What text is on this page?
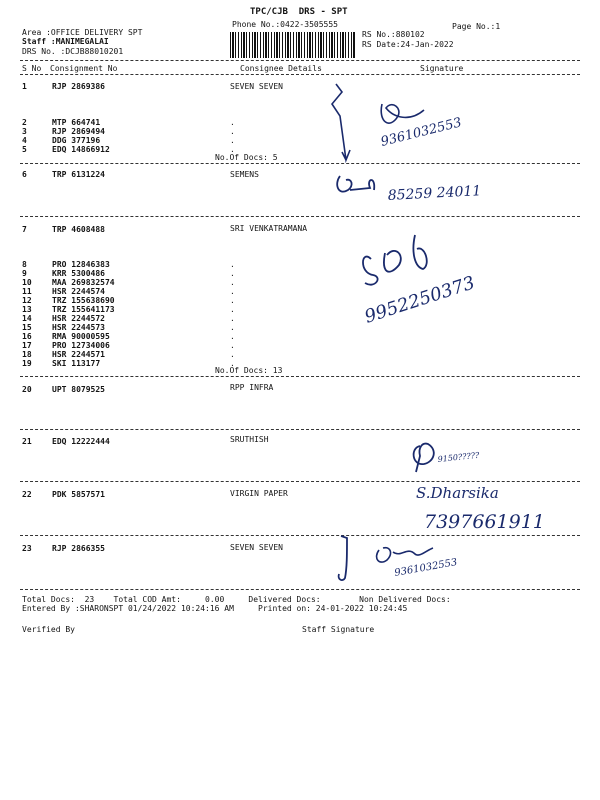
TPC/CJB  DRS - SPT
Phone No.:0422-3505555	Page No.:1
Area :OFFICE DELIVERY SPT
Staff :MANIMEGALAI
DRS No. :DCJB88010201
RS No.:880102
RS Date:24-Jan-2022
S No Consignment No	Consignee Details	Signature
1	RJP 2869386	SEVEN SEVEN
2	MTP 664741	.
3	RJP 2869494	.
4	DDG 377196	.
5	EDQ 14866912	.
No.Of Docs: 5
6	TRP 6131224	SEMENS
7	TRP 4608488	SRI VENKATRAMANA
8	PRO 12846383	.
9	KRR 5300486	.
10	MAA 269832574	.
11	HSR 2244574	.
12	TRZ 155638690	.
13	TRZ 155641173	.
14	HSR 2244572	.
15	HSR 2244573	.
16	RMA 90000595	.
17	PRO 12734006	.
18	HSR 2244571	.
19	SKI 113177	.
No.Of Docs: 13
20	UPT 8079525	RPP INFRA
21	EDQ 12222444	SRUTHISH
22	PDK 5857571	VIRGIN PAPER
23	RJP 2866355	SEVEN SEVEN
Total Docs:  23    Total COD Amt:     0.00     Delivered Docs:        Non Delivered Docs:
Entered By :SHARONSPT 01/24/2022 10:24:16 AM     Printed on: 24-01-2022 10:24:45
Verified By	Staff Signature
9361032553
85259 24011
9952250373
9150?????
S.Dharsika
7397661911
9361032553
